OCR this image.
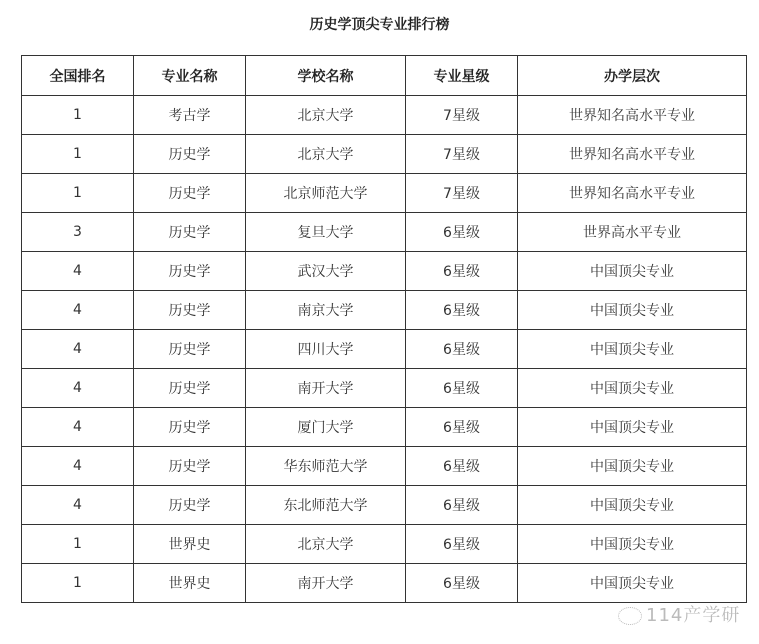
历史学顶尖专业排行榜
全国排名	专业名称	学校名称	专业星级	办学层次
1	考古学	北京大学	7星级	世界知名高水平专业
1	历史学	北京大学	7星级	世界知名高水平专业
1	历史学	北京师范大学	7星级	世界知名高水平专业
3	历史学	复旦大学	6星级	世界高水平专业
4	历史学	武汉大学	6星级	中国顶尖专业
4	历史学	南京大学	6星级	中国顶尖专业
4	历史学	四川大学	6星级	中国顶尖专业
4	历史学	南开大学	6星级	中国顶尖专业
4	历史学	厦门大学	6星级	中国顶尖专业
4	历史学	华东师范大学	6星级	中国顶尖专业
4	历史学	东北师范大学	6星级	中国顶尖专业
1	世界史	北京大学	6星级	中国顶尖专业
1	世界史	南开大学	6星级	中国顶尖专业
114产学研
